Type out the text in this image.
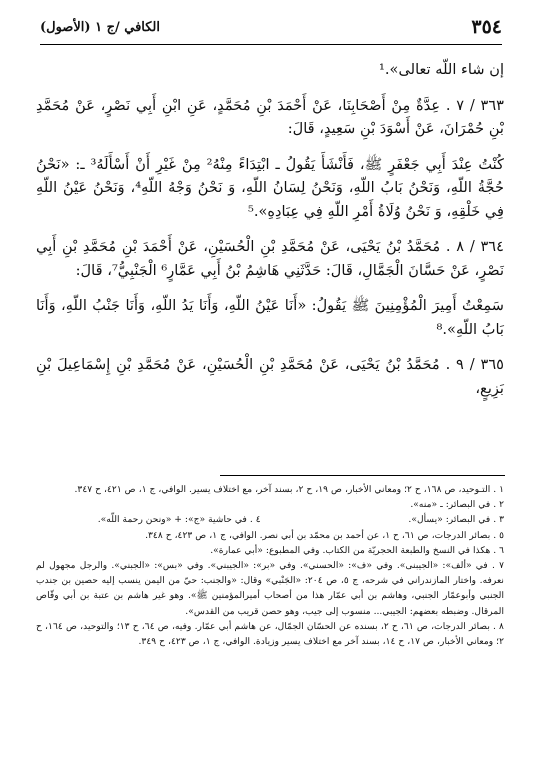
٣٥٤
الكافي /ج ١ (الأصول)

إن شاء اللّه تعالى».¹

٣٦٣ / ٧ . عِدَّةٌ مِنْ أَصْحَابِنَا، عَنْ أَحْمَدَ بْنِ مُحَمَّدٍ، عَنِ ابْنِ أَبِي نَصْرٍ، عَنْ مُحَمَّدِ بْنِ حُمْرَانَ، عَنْ أَسْوَدَ بْنِ سَعِيدٍ، قَالَ:

كُنْتُ عِنْدَ أَبِي جَعْفَرٍ ﷺ، فَأَنْشَأَ يَقُولُ ـ ابْتِدَاءً مِنْهُ² مِنْ غَيْرِ أَنْ أَسْأَلَهُ³ ـ: «نَحْنُ حُجَّةُ اللّهِ، وَنَحْنُ بَابُ اللّهِ، وَنَحْنُ لِسَانُ اللّهِ، وَ نَحْنُ وَجْهُ اللّهِ⁴، وَنَحْنُ عَيْنُ اللّهِ فِي خَلْقِهِ، وَ نَحْنُ وُلَاةُ أَمْرِ اللّهِ فِي عِبَادِهِ».⁵

٣٦٤ / ٨ . مُحَمَّدُ بْنُ يَحْيَى، عَنْ مُحَمَّدِ بْنِ الْحُسَيْنِ، عَنْ أَحْمَدَ بْنِ مُحَمَّدِ بْنِ أَبِي نَصْرٍ، عَنْ حَسَّانَ الْجَمَّالِ، قَالَ: حَدَّثَنِي هَاشِمُ بْنُ أَبِي عَمَّارٍ⁶ الْجَنْبِيُّ⁷، قَالَ:

سَمِعْتُ أَمِيرَ الْمُؤْمِنِينَ ﷺ يَقُولُ: «أَنَا عَيْنُ اللّهِ، وَأَنَا يَدُ اللّهِ، وَأَنَا جَنْبُ اللّهِ، وَأَنَا بَابُ اللّهِ».⁸

٣٦٥ / ٩ . مُحَمَّدُ بْنُ يَحْيَى، عَنْ مُحَمَّدِ بْنِ الْحُسَيْنِ، عَنْ مُحَمَّدِ بْنِ إِسْمَاعِيلَ بْنِ بَزِيعٍ،

١ . التـوحيد، ص ١٦٨، ح ٢؛ ومعاني الأخبار، ص ١٩، ح ٢، بسند آخر، مع اختلاف يسير. الوافي، ج ١، ص ٤٢١، ح ٣٤٧.

٢ . في البصائر: ـ «منه».

٣ . في البصائر: «يسأل».
٤ . في حاشية «ج»: + «ونحن رحمة اللّه».

٥ . بصائر الدرجات، ص ٦١، ح ١، عن أحمد بن محمّد بن أبي نصر. الوافي، ج ١، ص ٤٢٣، ح ٣٤٨.

٦ . هكذا في النسخ والطبعة الحجريّة من الكتاب. وفي المطبوع: «أبي عمارة».

٧ . في «ألف»: «الجيبنى». وفي «ف»: «الحسني». وفي «بر»: «الجيبني». وفي «بس»: «الجبني». والرجل مجهول لم نعرفه. واختار المازندراني في شرحه، ج ٥، ص ٢٠٤: «الجَنْبي» وقال: «والجنب: حيّ من اليمن ينسب إليه حصين بن جندب الجنبي وأبوعمّار الجنبي، وهاشم بن أبي عمّار هذا من أصحاب أميرالمؤمنين ﷺ». وهو غير هاشم بن عتبة بن أبي وقّاص المرقال. وضبطه بعضهم: الجيبي... منسوب إلى جيب، وهو حصن قريب من القدس».

٨ . بصائر الدرجات، ص ٦١، ح ٢، بسنده عن الحسّان الجمّال، عن هاشم أبي عمّار. وفيه، ص ٦٤، ح ١٣؛ والتوحيد، ص ١٦٤، ح ٢؛ ومعاني الأخبار، ص ١٧، ح ١٤، بسند آخر مع اختلاف يسير وزيادة. الوافي، ج ١، ص ٤٢٣، ح ٣٤٩.
